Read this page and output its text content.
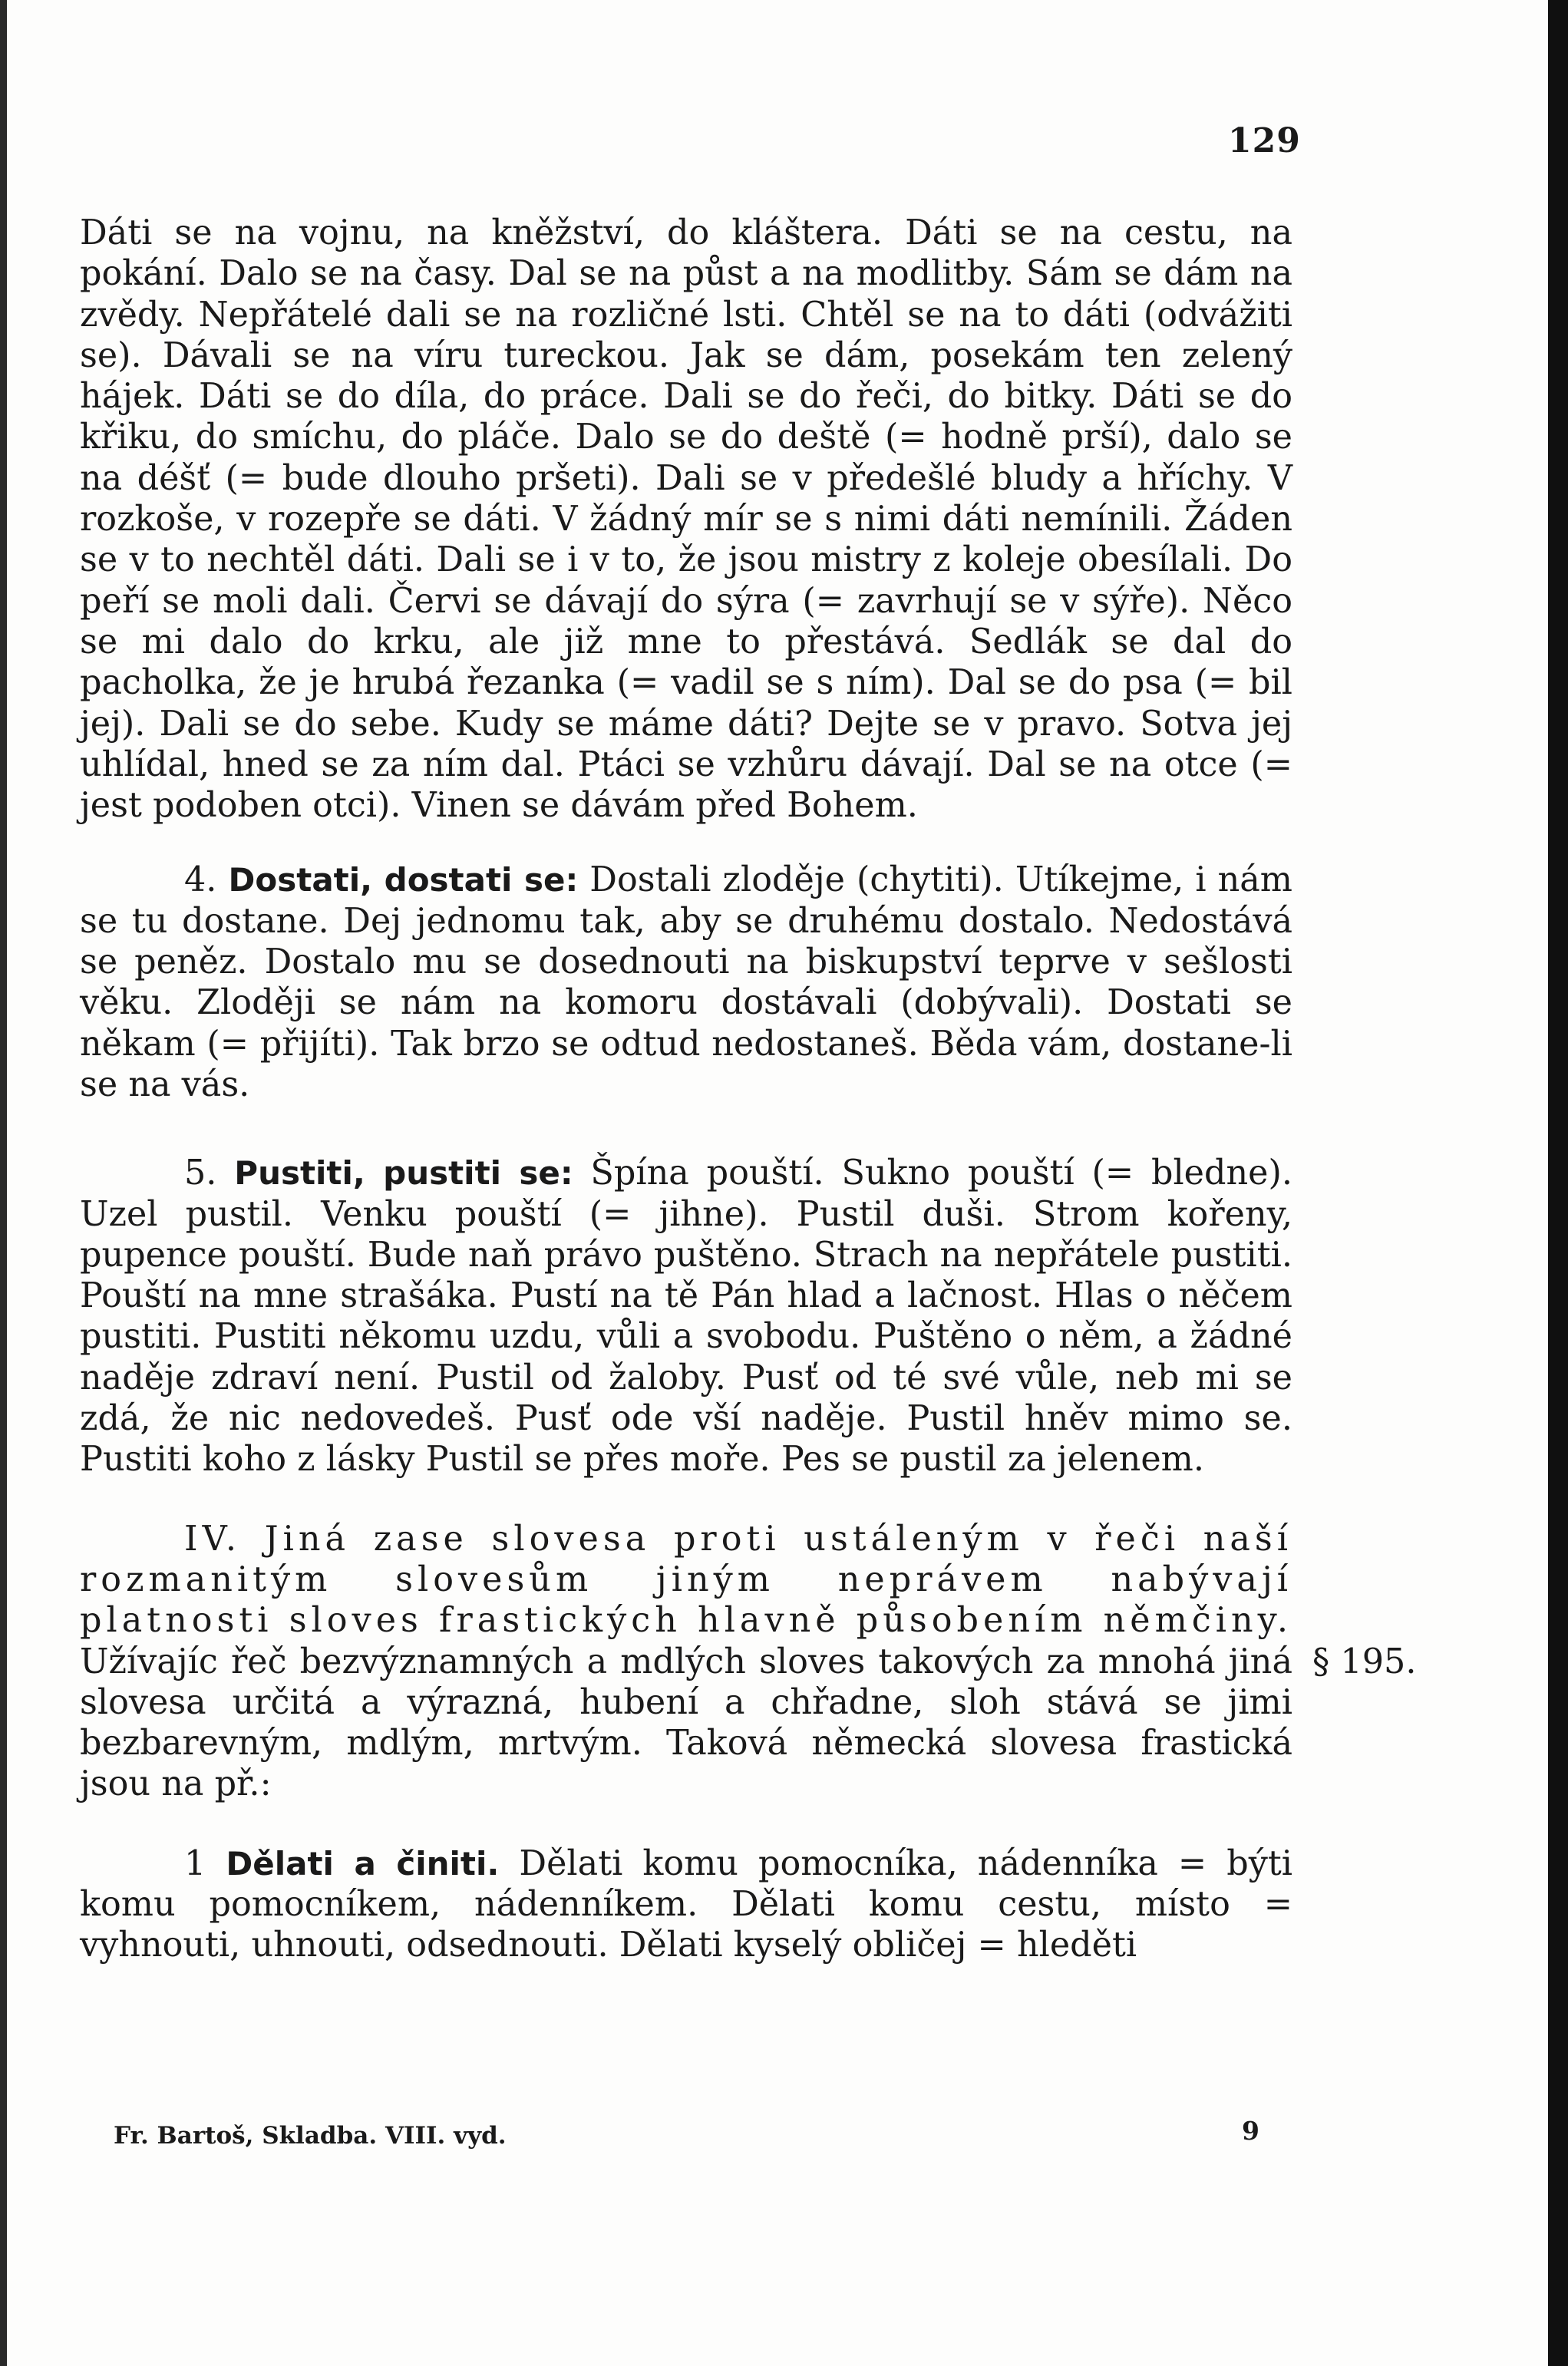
129

Dáti se na vojnu, na kněžství, do kláštera. Dáti se na cestu, na pokání. Dalo se na časy. Dal se na půst a na modlitby. Sám se dám na zvědy. Nepřátelé dali se na rozličné lsti. Chtěl se na to dáti (odvážiti se). Dávali se na víru tureckou. Jak se dám, posekám ten zelený hájek. Dáti se do díla, do práce. Dali se do řeči, do bitky. Dáti se do křiku, do smíchu, do pláče. Dalo se do deště (= hodně prší), dalo se na déšť (= bude dlouho pršeti). Dali se v předešlé bludy a hříchy. V rozkoše, v rozepře se dáti. V žádný mír se s nimi dáti nemínili. Žáden se v to nechtěl dáti. Dali se i v to, že jsou mistry z koleje obesílali. Do peří se moli dali. Červi se dávají do sýra (= zavrhují se v sýře). Něco se mi dalo do krku, ale již mne to přestává. Sedlák se dal do pacholka, že je hrubá řezanka (= vadil se s ním). Dal se do psa (= bil jej). Dali se do sebe. Kudy se máme dáti? Dejte se v pravo. Sotva jej uhlídal, hned se za ním dal. Ptáci se vzhůru dávají. Dal se na otce (= jest podoben otci). Vinen se dávám před Bohem.

4. Dostati, dostati se: Dostali zloděje (chytiti). Utíkejme, i nám se tu dostane. Dej jednomu tak, aby se druhému dostalo. Nedostává se peněz. Dostalo mu se dosednouti na biskupství teprve v sešlosti věku. Zloději se nám na komoru dostávali (dobývali). Dostati se někam (= přijíti). Tak brzo se odtud nedostaneš. Běda vám, dostane-li se na vás.

5. Pustiti, pustiti se: Špína pouští. Sukno pouští (= bledne). Uzel pustil. Venku pouští (= jihne). Pustil duši. Strom kořeny, pupence pouští. Bude naň právo puštěno. Strach na nepřátele pustiti. Pouští na mne strašáka. Pustí na tě Pán hlad a lačnost. Hlas o něčem pustiti. Pustiti někomu uzdu, vůli a svobodu. Puštěno o něm, a žádné naděje zdraví není. Pustil od žaloby. Pusť od té své vůle, neb mi se zdá, že nic nedovedeš. Pusť ode vší naděje. Pustil hněv mimo se. Pustiti koho z lásky Pustil se přes moře. Pes se pustil za jelenem.

IV. Jiná zase slovesa proti ustáleným v řeči naší rozmanitým slovesům jiným neprávem nabývají platnosti sloves frastických hlavně působením němčiny. Užívajíc řeč bezvýznamných a mdlých sloves takových za mnohá jiná slovesa určitá a výrazná, hubení a chřadne, sloh stává se jimi bezbarevným, mdlým, mrtvým. Taková německá slovesa frastická jsou na př.:

1 Dělati a činiti. Dělati komu pomocníka, nádenníka = býti komu pomocníkem, nádenníkem. Dělati komu cestu, místo = vyhnouti, uhnouti, odsednouti. Dělati kyselý obličej = hleděti

§ 195.
Fr. Bartoš, Skladba. VIII. vyd.	9
